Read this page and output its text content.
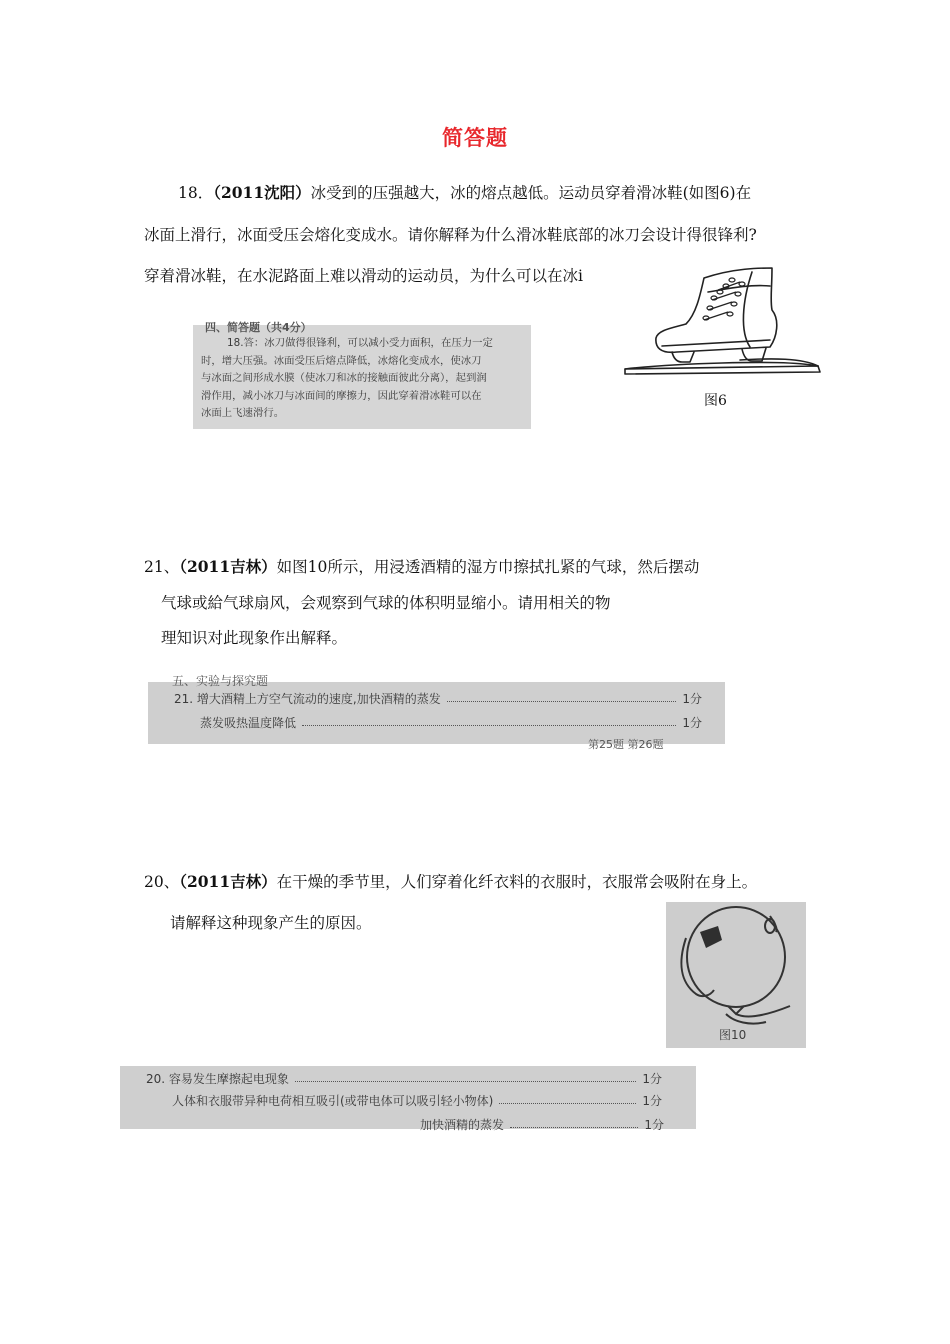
简答题
18．（2011沈阳）冰受到的压强越大，冰的熔点越低。运动员穿着滑冰鞋(如图6)在
冰面上滑行，冰面受压会熔化变成水。请你解释为什么滑冰鞋底部的冰刀会设计得很锋利?
穿着滑冰鞋，在水泥路面上难以滑动的运动员，为什么可以在冰i
图6
四、简答题（共4分）
18.答：冰刀做得很锋利，可以减小受力面积，在压力一定
时，增大压强。冰面受压后熔点降低，冰熔化变成水，使冰刀
与冰面之间形成水膜（使冰刀和冰的接触面彼此分离），起到润
滑作用，减小冰刀与冰面间的摩擦力，因此穿着滑冰鞋可以在
冰面上飞速滑行。
21、（2011吉林）如图10所示，用浸透酒精的湿方巾擦拭扎紧的气球，然后摆动
气球或給气球扇风，会观察到气球的体积明显缩小。请用相关的物
理知识对此现象作出解释。
五、实验与探究题
21. 增大酒精上方空气流动的速度,加快酒精的蒸发	1分
蒸发吸热温度降低	1分
第25题 第26题
20、（2011吉林）在干燥的季节里，人们穿着化纤衣料的衣服时，衣服常会吸附在身上。
请解释这种现象产生的原因。
图10
20. 容易发生摩擦起电现象	1分
人体和衣服带异种电荷相互吸引(或带电体可以吸引轻小物体)	1分
加快酒精的蒸发	1分
